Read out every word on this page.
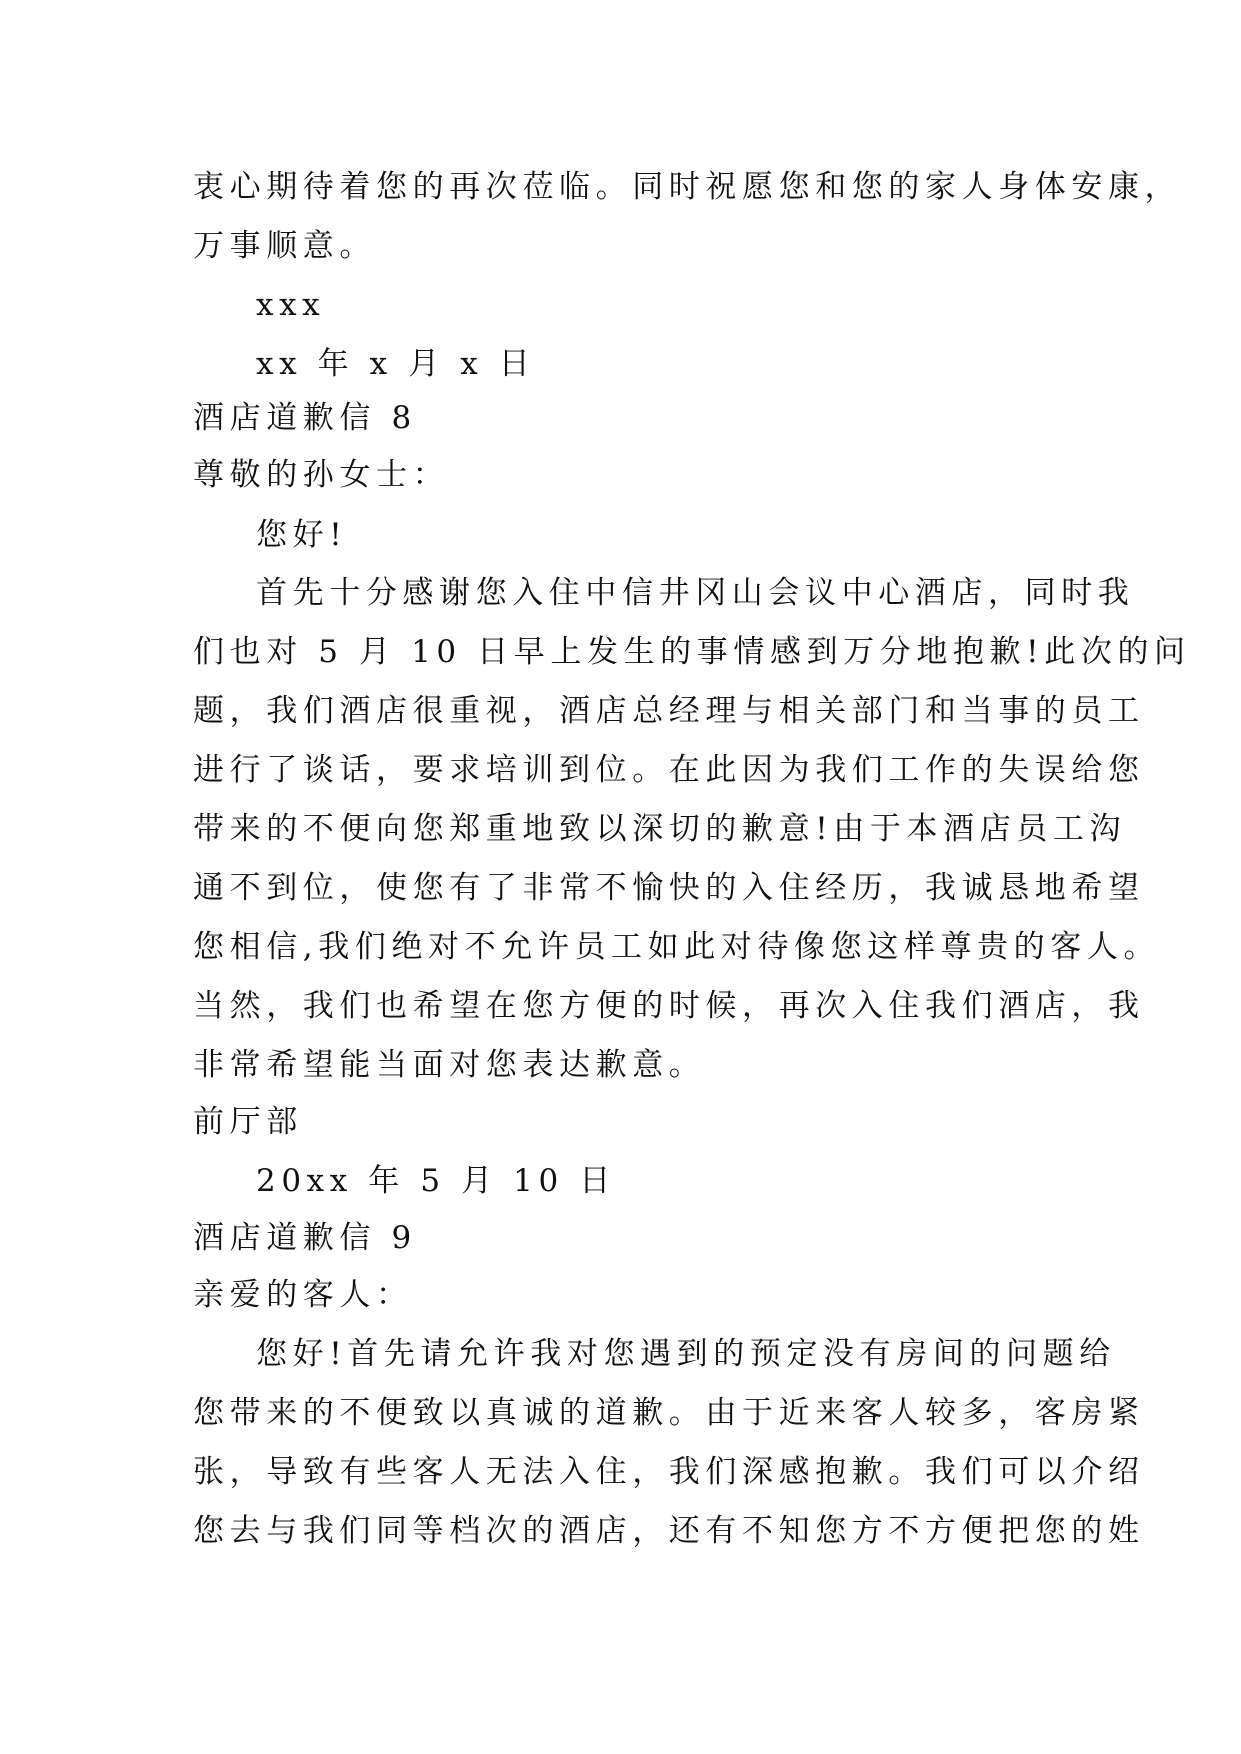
衷心期待着您的再次莅临。同时祝愿您和您的家人身体安康，
万事顺意。
xxx
xx 年 x 月 x 日
酒店道歉信 8
尊敬的孙女士：
您好!
首先十分感谢您入住中信井冈山会议中心酒店，同时我
们也对 5 月 10 日早上发生的事情感到万分地抱歉!此次的问
题，我们酒店很重视，酒店总经理与相关部门和当事的员工
进行了谈话，要求培训到位。在此因为我们工作的失误给您
带来的不便向您郑重地致以深切的歉意!由于本酒店员工沟
通不到位，使您有了非常不愉快的入住经历，我诚恳地希望
您相信,我们绝对不允许员工如此对待像您这样尊贵的客人。
当然，我们也希望在您方便的时候，再次入住我们酒店，我
非常希望能当面对您表达歉意。
前厅部
20xx 年 5 月 10 日
酒店道歉信 9
亲爱的客人：
您好!首先请允许我对您遇到的预定没有房间的问题给
您带来的不便致以真诚的道歉。由于近来客人较多，客房紧
张，导致有些客人无法入住，我们深感抱歉。我们可以介绍
您去与我们同等档次的酒店，还有不知您方不方便把您的姓
